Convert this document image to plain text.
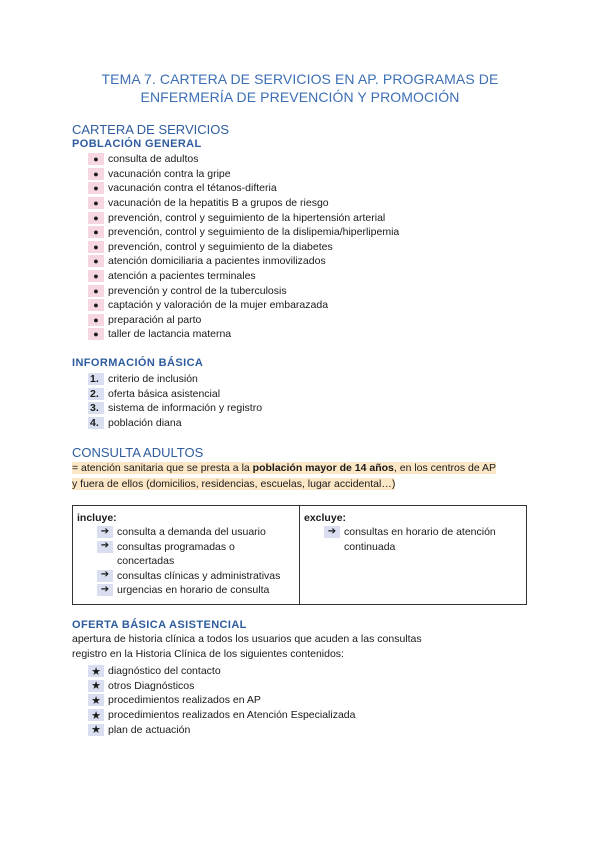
TEMA 7. CARTERA DE SERVICIOS EN AP. PROGRAMAS DE
ENFERMERÍA DE PREVENCIÓN Y PROMOCIÓN
CARTERA DE SERVICIOS
POBLACIÓN GENERAL
● consulta de adultos
● vacunación contra la gripe
● vacunación contra el tétanos-difteria
● vacunación de la hepatitis B a grupos de riesgo
● prevención, control y seguimiento de la hipertensión arterial
● prevención, control y seguimiento de la dislipemia/hiperlipemia
● prevención, control y seguimiento de la diabetes
● atención domiciliaria a pacientes inmovilizados
● atención a pacientes terminales
● prevención y control de la tuberculosis
● captación y valoración de la mujer embarazada
● preparación al parto
● taller de lactancia materna
INFORMACIÓN BÁSICA
1. criterio de inclusión
2. oferta básica asistencial
3. sistema de información y registro
4. población diana
CONSULTA ADULTOS
= atención sanitaria que se presta a la población mayor de 14 años, en los centros de AP
y fuera de ellos (domicilios, residencias, escuelas, lugar accidental…)
incluye:
➔ consulta a demanda del usuario
➔ consultas programadas o concertadas
➔ consultas clínicas y administrativas
➔ urgencias en horario de consulta
excluye:
➔ consultas en horario de atención continuada
OFERTA BÁSICA ASISTENCIAL
apertura de historia clínica a todos los usuarios que acuden a las consultas registro en la Historia Clínica de los siguientes contenidos:
★ diagnóstico del contacto
★ otros Diagnósticos
★ procedimientos realizados en AP
★ procedimientos realizados en Atención Especializada
★ plan de actuación
